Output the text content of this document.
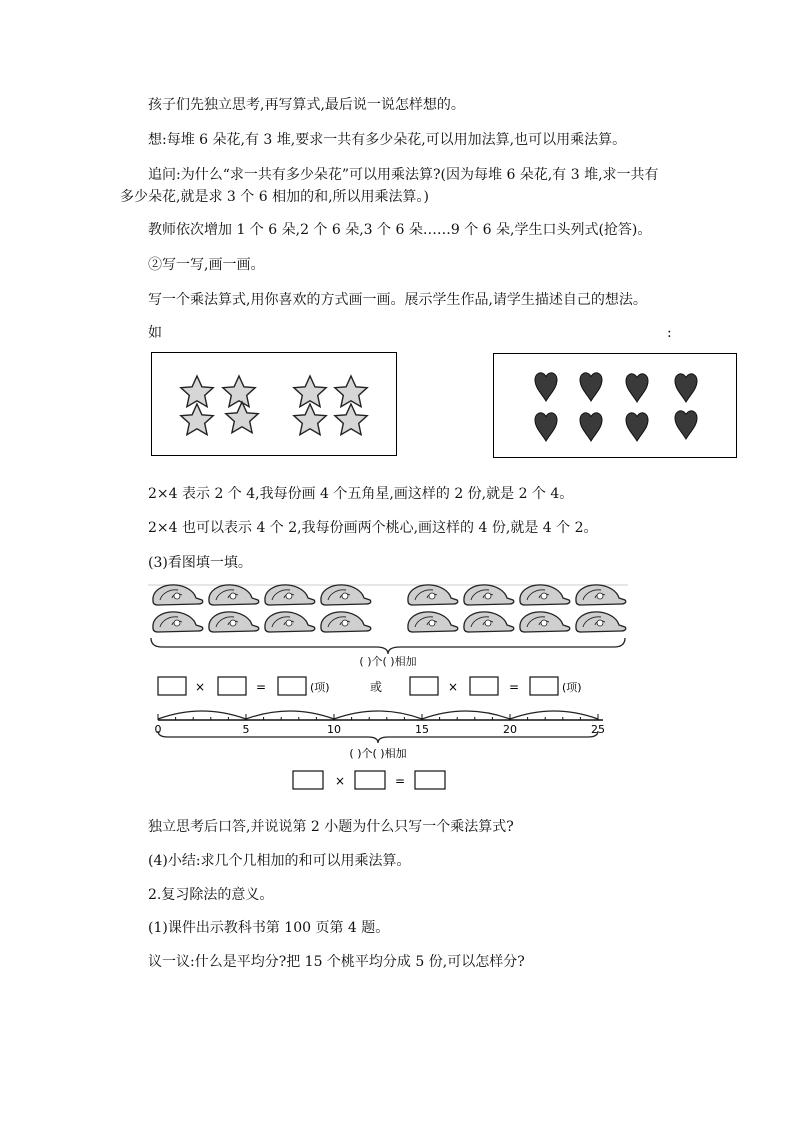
孩子们先独立思考,再写算式,最后说一说怎样想的。
想:每堆 6 朵花,有 3 堆,要求一共有多少朵花,可以用加法算,也可以用乘法算。
追问:为什么“求一共有多少朵花”可以用乘法算?(因为每堆 6 朵花,有 3 堆,求一共有
多少朵花,就是求 3 个 6 相加的和,所以用乘法算。)
教师依次增加 1 个 6 朵,2 个 6 朵,3 个 6 朵……9 个 6 朵,学生口头列式(抢答)。
②写一写,画一画。
写一个乘法算式,用你喜欢的方式画一画。展示学生作品,请学生描述自己的想法。
如	:
2×4 表示 2 个 4,我每份画 4 个五角星,画这样的 2 份,就是 2 个 4。
2×4 也可以表示 4 个 2,我每份画两个桃心,画这样的 4 份,就是 4 个 2。
(3)看图填一填。
( )个( )相加
×	=	(项)	或	×	=	(项)
0	5	10	15	20	25
( )个( )相加
×	=
独立思考后口答,并说说第 2 小题为什么只写一个乘法算式?
(4)小结:求几个几相加的和可以用乘法算。
2.复习除法的意义。
(1)课件出示教科书第 100 页第 4 题。
议一议:什么是平均分?把 15 个桃平均分成 5 份,可以怎样分?
